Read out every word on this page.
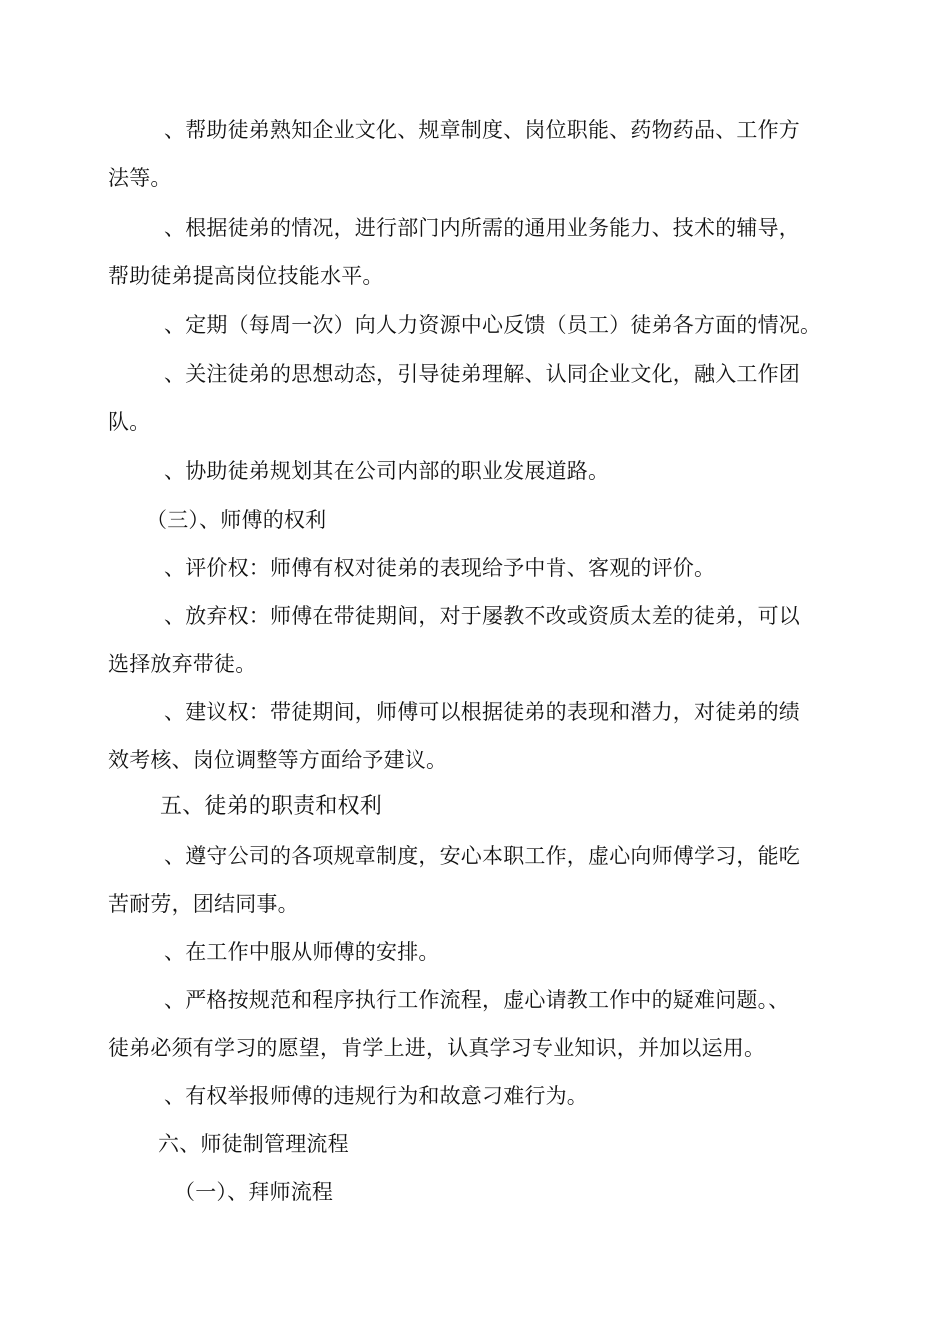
、帮助徒弟熟知企业文化、规章制度、岗位职能、药物药品、工作方
法等。
、根据徒弟的情况，进行部门内所需的通用业务能力、技术的辅导，
帮助徒弟提高岗位技能水平。
、定期（每周一次）向人力资源中心反馈（员工）徒弟各方面的情况。
、关注徒弟的思想动态，引导徒弟理解、认同企业文化，融入工作团
队。
、协助徒弟规划其在公司内部的职业发展道路。
（三）、师傅的权利
、评价权：师傅有权对徒弟的表现给予中肯、客观的评价。
、放弃权：师傅在带徒期间，对于屡教不改或资质太差的徒弟，可以
选择放弃带徒。
、建议权：带徒期间，师傅可以根据徒弟的表现和潜力，对徒弟的绩
效考核、岗位调整等方面给予建议。
五、徒弟的职责和权利
、遵守公司的各项规章制度，安心本职工作，虚心向师傅学习，能吃
苦耐劳，团结同事。
、在工作中服从师傅的安排。
、严格按规范和程序执行工作流程，虚心请教工作中的疑难问题。、
徒弟必须有学习的愿望，肯学上进，认真学习专业知识，并加以运用。
、有权举报师傅的违规行为和故意刁难行为。
六、师徒制管理流程
（一）、拜师流程
